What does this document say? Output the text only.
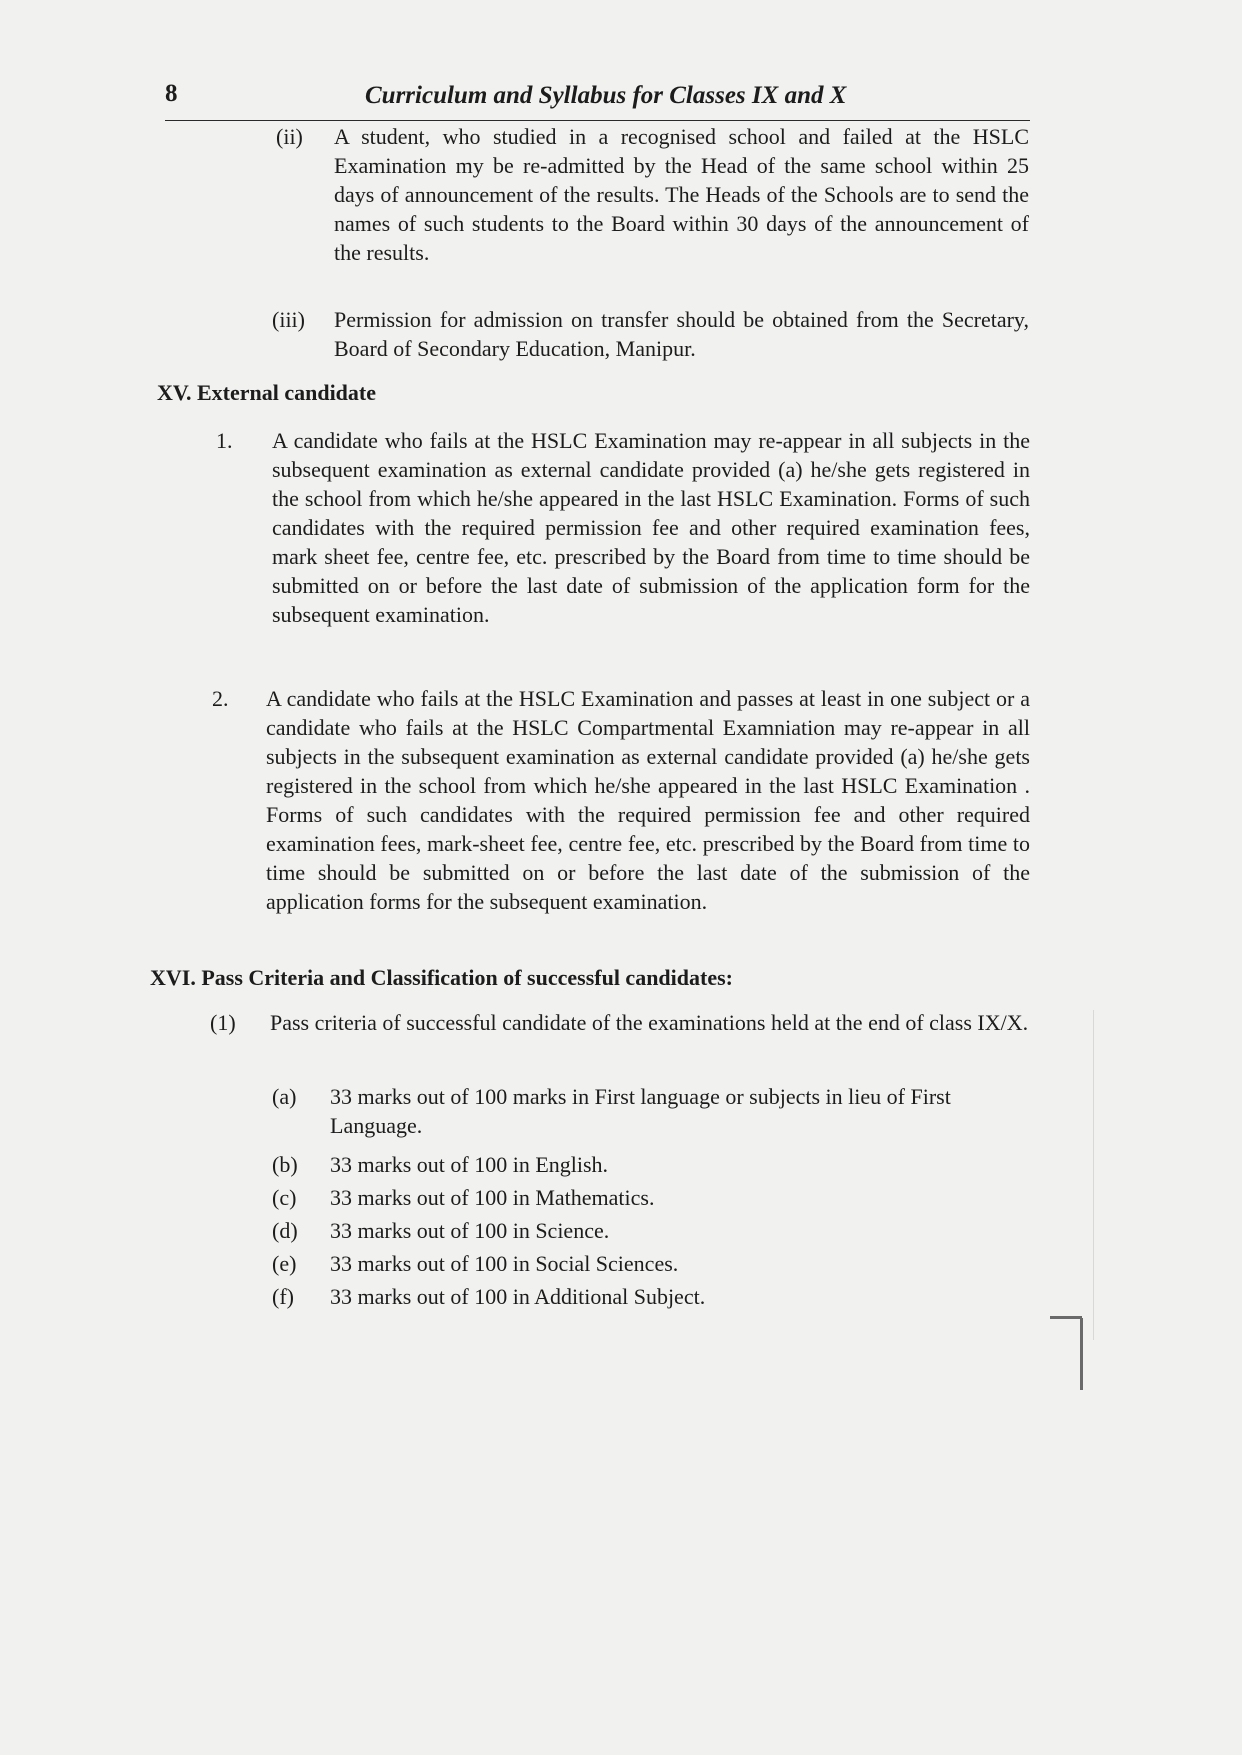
8	Curriculum and Syllabus for Classes IX and X
(ii) A student, who studied in a recognised school and failed at the HSLC Examination my be re-admitted by the Head of the same school within 25 days of announcement of the results. The Heads of the Schools are to send the names of such students to the Board within 30 days of the announcement of the results.
(iii) Permission for admission on transfer should be obtained from the Secretary, Board of Secondary Education, Manipur.
XV. External candidate
1. A candidate who fails at the HSLC Examination may re-appear in all subjects in the subsequent examination as external candidate provided (a) he/she gets registered in the school from which he/she appeared in the last HSLC Examination. Forms of such candidates with the required permission fee and other required examination fees, mark sheet fee, centre fee, etc. prescribed by the Board from time to time should be submitted on or before the last date of submission of the application form for the subsequent examination.
2. A candidate who fails at the HSLC Examination and passes at least in one subject or a candidate who fails at the HSLC Compartmental Examniation may re-appear in all subjects in the subsequent examination as external candidate provided (a) he/she gets registered in the school from which he/she appeared in the last HSLC Examination . Forms of such candidates with the required permission fee and other required examination fees, mark-sheet fee, centre fee, etc. prescribed by the Board from time to time should be submitted on or before the last date of the submission of the application forms for the subsequent examination.
XVI. Pass Criteria and Classification of successful candidates:
(1) Pass criteria of successful candidate of the examinations held at the end of class IX/X.
(a) 33 marks out of 100 marks in First language or subjects in lieu of First Language.
(b) 33 marks out of 100 in English.
(c) 33 marks out of 100 in Mathematics.
(d) 33 marks out of 100 in Science.
(e) 33 marks out of 100 in Social Sciences.
(f) 33 marks out of 100 in Additional Subject.
